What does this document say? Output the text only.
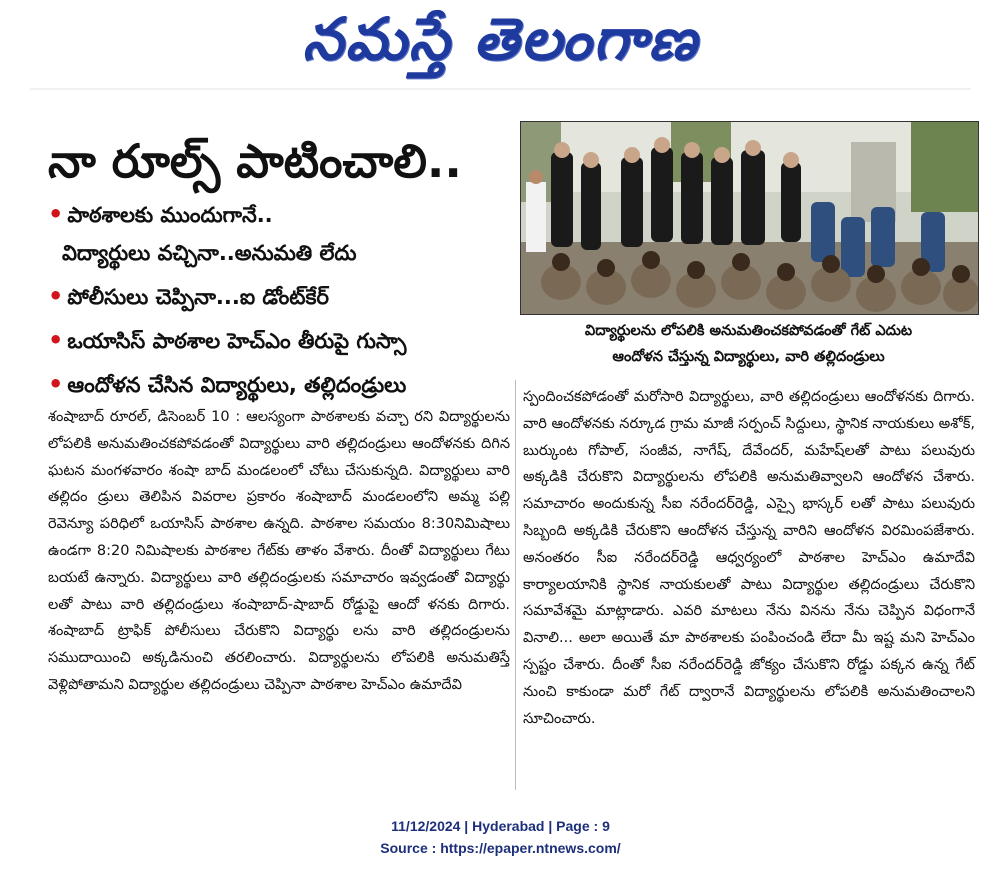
నమస్తే తెలంగాణ
నా రూల్స్ పాటించాలి..
• పాఠశాలకు ముందుగానే..
విద్యార్థులు వచ్చినా..అనుమతి లేదు
• పోలీసులు చెప్పినా...ఐ డోంట్‌కేర్
• ఒయాసిస్ పాఠశాల హెచ్‌ఎం తీరుపై గుస్సా
• ఆందోళన చేసిన విద్యార్థులు, తల్లిదండ్రులు
విద్యార్థులను లోపలికి అనుమతించకపోవడంతో గేట్ ఎదుట
ఆందోళన చేస్తున్న విద్యార్థులు, వారి తల్లిదండ్రులు
శంషాబాద్ రూరల్, డిసెంబర్ 10 : ఆలస్యంగా పాఠశాలకు వచ్చా రని విద్యార్థులను లోపలికి అనుమతించకపోవడంతో విద్యార్థులు వారి తల్లిదండ్రులు ఆందోళనకు దిగిన ఘటన మంగళవారం శంషా బాద్ మండలంలో చోటు చేసుకున్నది. విద్యార్థులు వారి తల్లిదం డ్రులు తెలిపిన వివరాల ప్రకారం శంషాబాద్ మండలంలోని అమ్మ పల్లి రెవెన్యూ పరిధిలో ఒయాసిస్ పాఠశాల ఉన్నది. పాఠశాల సమయం 8:30నిమిషాలు ఉండగా 8:20 నిమిషాలకు పాఠశాల గేట్‌కు తాళం వేశారు. దీంతో విద్యార్థులు గేటు బయటే ఉన్నారు. విద్యార్థులు వారి తల్లిదండ్రులకు సమాచారం ఇవ్వడంతో విద్యార్థు లతో పాటు వారి తల్లిదండ్రులు శంషాబాద్-షాబాద్ రోడ్డుపై ఆందో ళనకు దిగారు. శంషాబాద్ ట్రాఫిక్ పోలీసులు చేరుకొని విద్యార్థు లను వారి తల్లిదండ్రులను సముదాయించి అక్కడినుంచి తరలించారు. విద్యార్థులను లోపలికి అనుమతిస్తే వెళ్లిపోతామని విద్యార్థుల తల్లిదండ్రులు చెప్పినా పాఠశాల హెచ్‌ఎం ఉమాదేవి
స్పందించకపోడంతో మరోసారి విద్యార్థులు, వారి తల్లిదండ్రులు ఆందోళనకు దిగారు. వారి ఆందోళనకు నర్కూడ గ్రామ మాజీ సర్పంచ్ సిద్దులు, స్థానిక నాయకులు అశోక్, బుర్కుంట గోపాల్, సంజీవ, నాగేష్, దేవేందర్, మహేష్‌లతో పాటు పలువురు అక్కడికి చేరుకొని విద్యార్థులను లోపలికి అనుమతివ్వాలని ఆందోళన చేశారు. సమాచారం అందుకున్న సీఐ నరేందర్‌రెడ్డి, ఎస్సై భాస్కర్ లతో పాటు పలువురు సిబ్బంది అక్కడికి చేరుకొని ఆందోళన చేస్తున్న వారిని ఆందోళన విరమింపజేశారు. అనంతరం సీఐ నరేందర్‌రెడ్డి ఆధ్వర్యంలో పాఠశాల హెచ్‌ఎం ఉమాదేవి కార్యాలయానికి స్థానిక నాయకులతో పాటు విద్యార్థుల తల్లిదండ్రులు చేరుకొని సమావేశమై మాట్లాడారు. ఎవరి మాటలు నేను వినను నేను చెప్పిన విధంగానే వినాలి... అలా అయితే మా పాఠశాలకు పంపించండి లేదా మీ ఇష్ట మని హెచ్‌ఎం స్పష్టం చేశారు. దీంతో సీఐ నరేందర్‌రెడ్డి జోక్యం చేసుకొని రోడ్డు పక్కన ఉన్న గేట్ నుంచి కాకుండా మరో గేట్ ద్వారానే విద్యార్థులను లోపలికి అనుమతించాలని సూచించారు.
11/12/2024 | Hyderabad | Page : 9
Source : https://epaper.ntnews.com/
